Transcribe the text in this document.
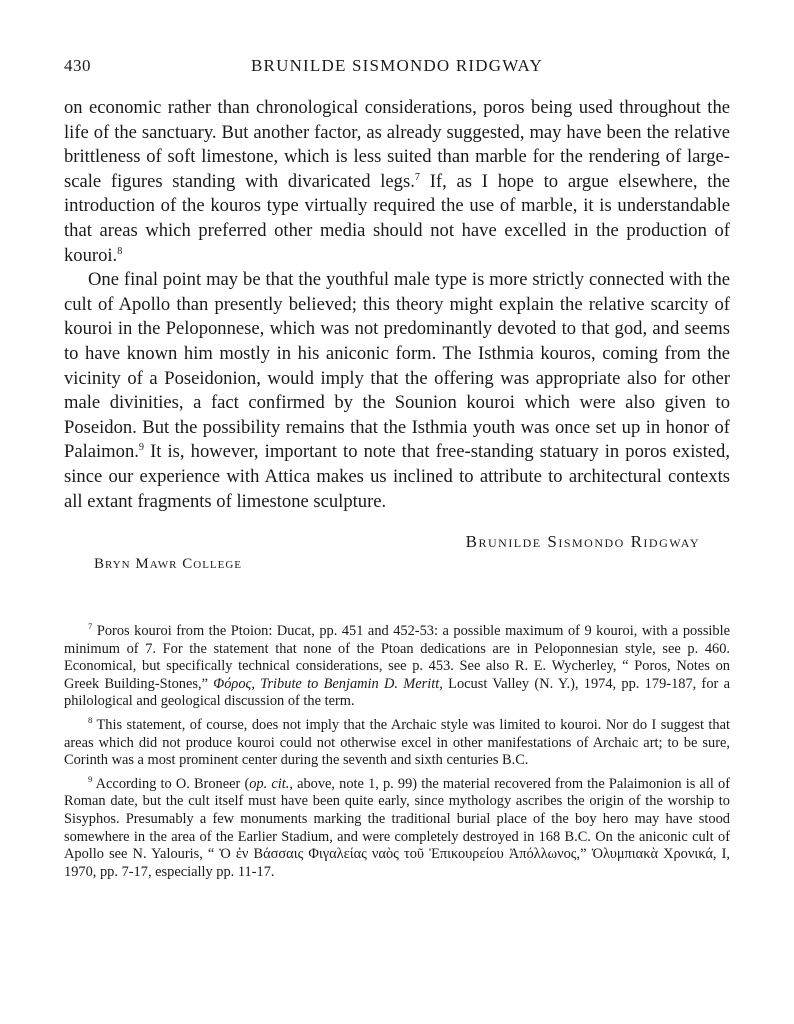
430	BRUNILDE SISMONDO RIDGWAY

on economic rather than chronological considerations, poros being used throughout the life of the sanctuary. But another factor, as already suggested, may have been the relative brittleness of soft limestone, which is less suited than marble for the rendering of large-scale figures standing with divaricated legs.$^7$ If, as I hope to argue elsewhere, the introduction of the kouros type virtually required the use of marble, it is understandable that areas which preferred other media should not have excelled in the production of kouroi.$^8$

One final point may be that the youthful male type is more strictly connected with the cult of Apollo than presently believed; this theory might explain the relative scarcity of kouroi in the Peloponnese, which was not predominantly devoted to that god, and seems to have known him mostly in his aniconic form. The Isthmia kouros, coming from the vicinity of a Poseidonion, would imply that the offering was appropriate also for other male divinities, a fact confirmed by the Sounion kouroi which were also given to Poseidon. But the possibility remains that the Isthmia youth was once set up in honor of Palaimon.$^9$ It is, however, important to note that free-standing statuary in poros existed, since our experience with Attica makes us inclined to attribute to architectural contexts all extant fragments of limestone sculpture.

Brunilde Sismondo Ridgway
Bryn Mawr College

$^7$ Poros kouroi from the Ptoion: Ducat, pp. 451 and 452-53: a possible maximum of 9 kouroi, with a possible minimum of 7. For the statement that none of the Ptoan dedications are in Peloponnesian style, see p. 460. Economical, but specifically technical considerations, see p. 453. See also R. E. Wycherley, “ Poros, Notes on Greek Building-Stones,” Φόρος, Tribute to Benjamin D. Meritt, Locust Valley (N. Y.), 1974, pp. 179-187, for a philological and geological discussion of the term.

$^8$ This statement, of course, does not imply that the Archaic style was limited to kouroi. Nor do I suggest that areas which did not produce kouroi could not otherwise excel in other manifestations of Archaic art; to be sure, Corinth was a most prominent center during the seventh and sixth centuries B.C.

$^9$ According to O. Broneer (op. cit., above, note 1, p. 99) the material recovered from the Palaimonion is all of Roman date, but the cult itself must have been quite early, since mythology ascribes the origin of the worship to Sisyphos. Presumably a few monuments marking the traditional burial place of the boy hero may have stood somewhere in the area of the Earlier Stadium, and were completely destroyed in 168 B.C. On the aniconic cult of Apollo see N. Yalouris, “ Ὁ ἐν Βάσσαις Φιγαλείας ναὸς τοῦ Ἐπικουρείου Ἀπόλλωνος,” Ὀλυμπιακὰ Χρονικά, I, 1970, pp. 7-17, especially pp. 11-17.
